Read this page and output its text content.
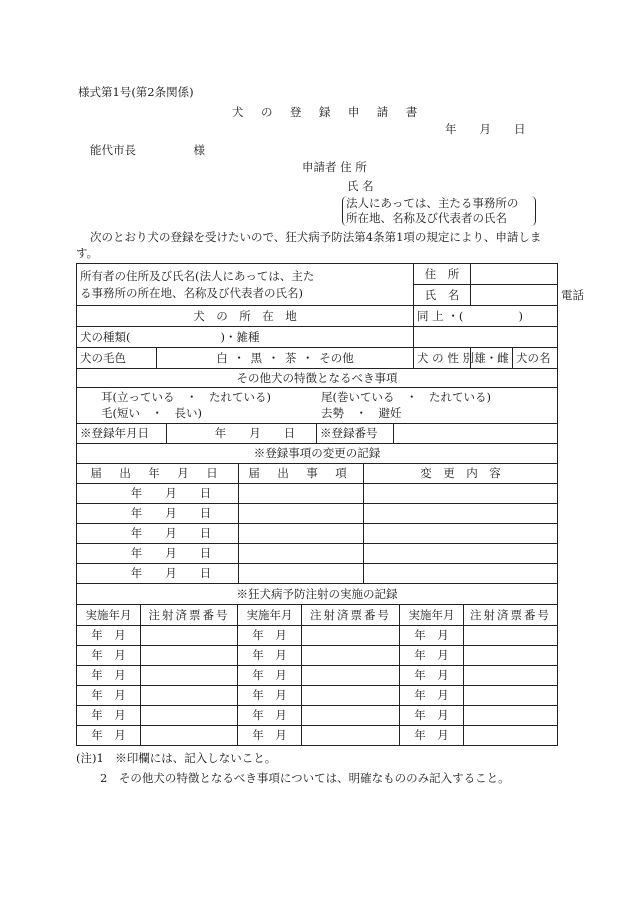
様式第1号(第2条関係)
犬 の 登 録 申 請 書
年　　月　　日
能代市長　　　　　様
申請者 住 所
氏 名
法人にあっては、主たる事務所の
所在地、名称及び代表者の氏名
次のとおり犬の登録を受けたいので、狂犬病予防法第4条第1項の規定により、申請しま
す。
所有者の住所及び氏名(法人にあっては、主た
る事務所の所在地、名称及び代表者の氏名)		住　所		
		氏　名	電話	
犬　の　所　在　地		同 上 ・( )		

犬の種類( )・雑種				
犬の毛色	白 ・ 黒 ・ 茶 ・ その他	犬 の 性 別	雄・雌	犬の名
その他犬の特徴となるべき事項

耳(立っている　・　たれている)	尾(巻いている　・　たれている)
毛(短い　・　長い)	去勢　・　避妊

※登録年月日	年　　月　　日	※登録番号	
※登録事項の変更の記録		
届 出 年 月 日	届 出 事 項	変　更　内　容
年　　月　　日		
年　　月　　日		
年　　月　　日		
年　　月　　日		
年　　月　　日		
※狂犬病予防注射の実施の記録					
実施年月	注射済票番号	実施年月	注射済票番号	実施年月	注射済票番号
年　月		年　月		年　月	
年　月		年　月		年　月	
年　月		年　月		年　月	
年　月		年　月		年　月	
年　月		年　月		年　月	
年　月		年　月		年　月	
(注)1　※印欄には、記入しないこと。
2　その他犬の特徴となるべき事項については、明確なもののみ記入すること。
